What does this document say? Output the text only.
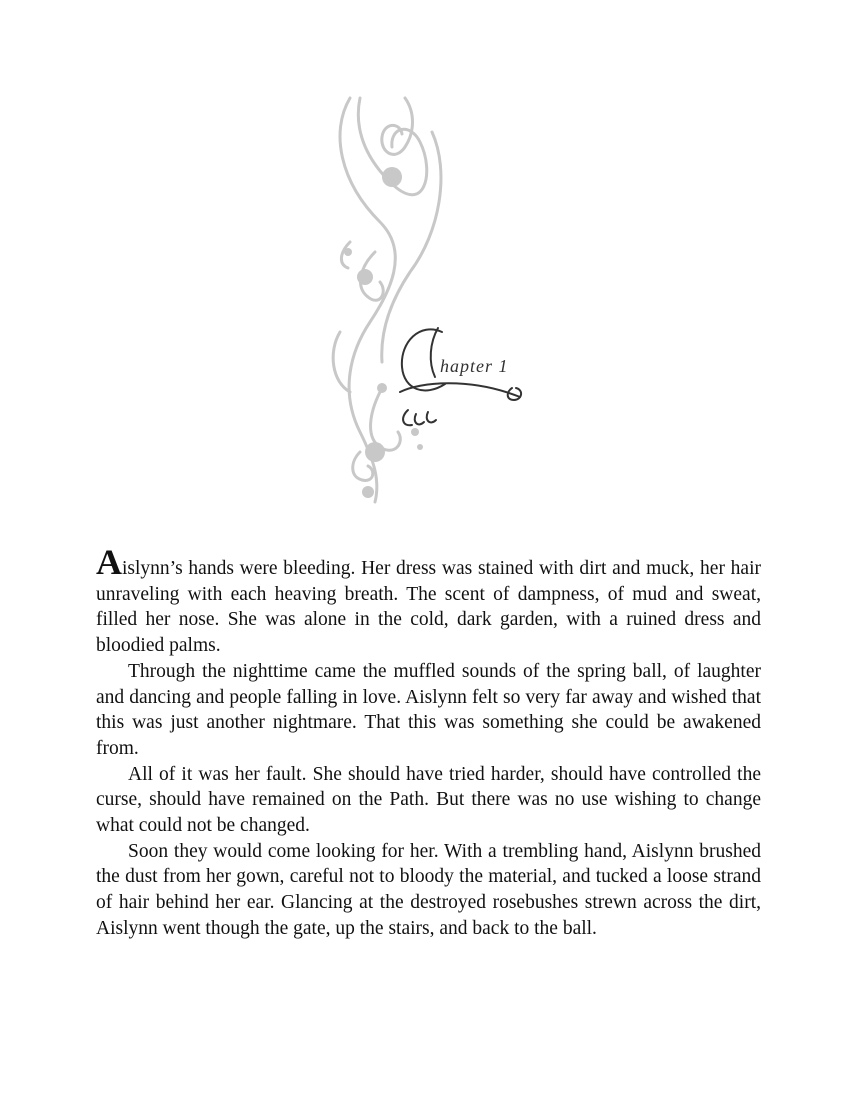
hapter 1

Aislynn’s hands were bleeding. Her dress was stained with dirt and muck, her hair unraveling with each heaving breath. The scent of dampness, of mud and sweat, filled her nose. She was alone in the cold, dark garden, with a ruined dress and bloodied palms.

Through the nighttime came the muffled sounds of the spring ball, of laughter and dancing and people falling in love. Aislynn felt so very far away and wished that this was just another nightmare. That this was something she could be awakened from.

All of it was her fault. She should have tried harder, should have controlled the curse, should have remained on the Path. But there was no use wishing to change what could not be changed.

Soon they would come looking for her. With a trembling hand, Aislynn brushed the dust from her gown, careful not to bloody the material, and tucked a loose strand of hair behind her ear. Glancing at the destroyed rosebushes strewn across the dirt, Aislynn went though the gate, up the stairs, and back to the ball.
